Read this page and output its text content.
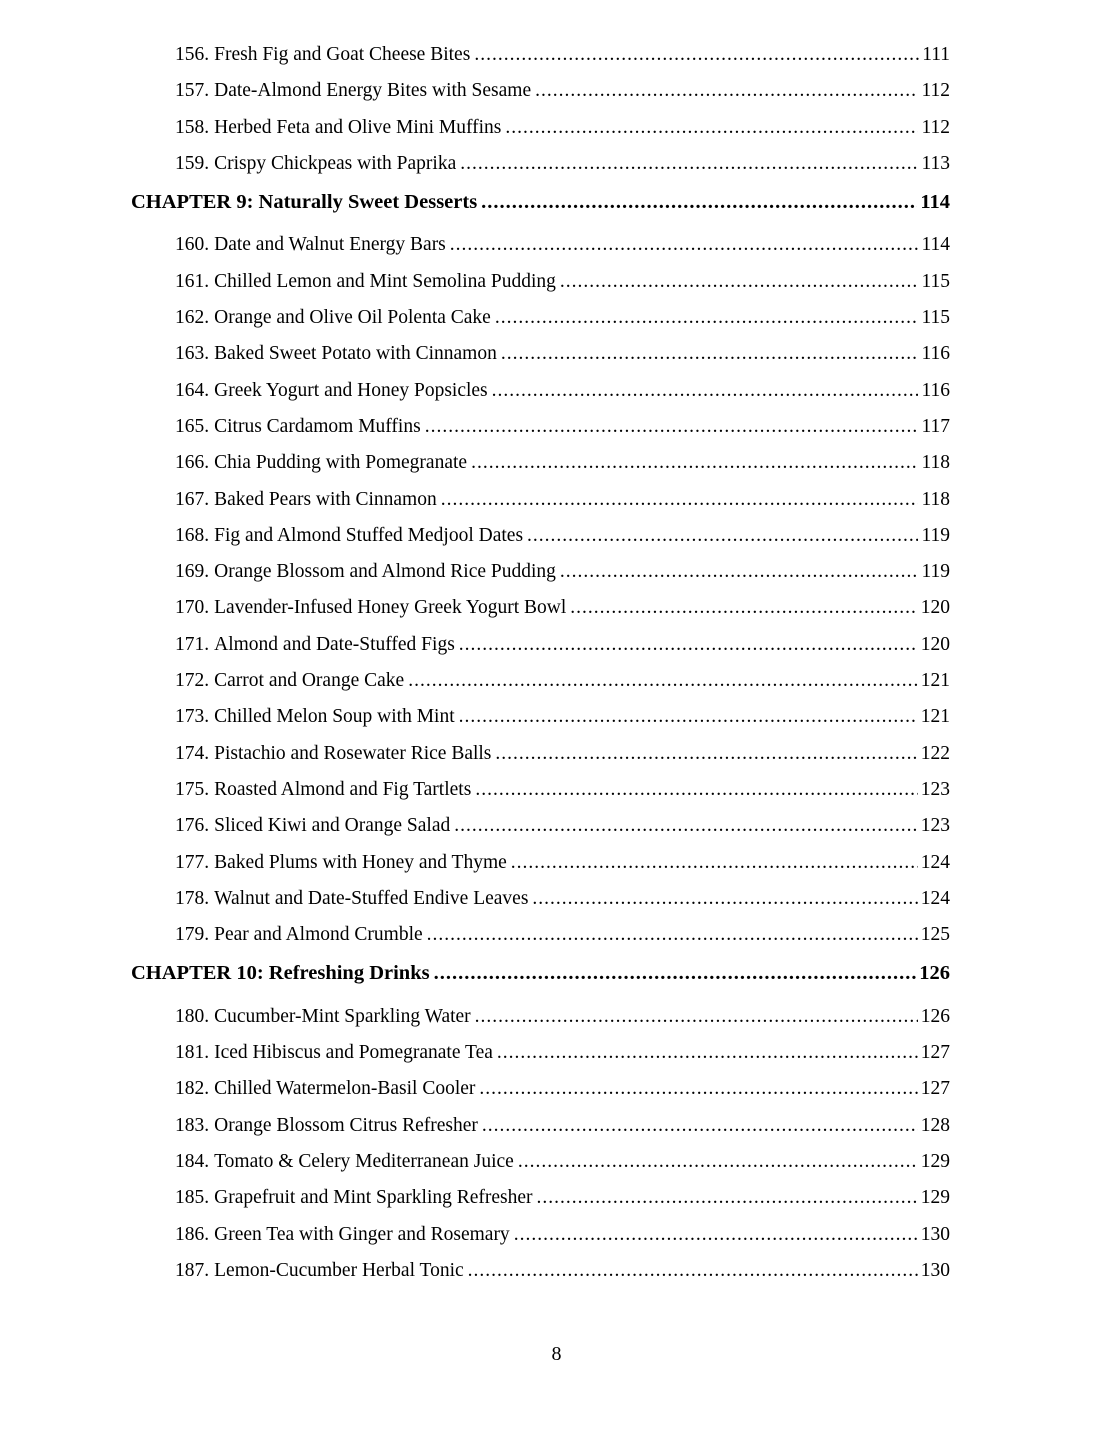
156. Fresh Fig and Goat Cheese Bites .....	111
157. Date-Almond Energy Bites with Sesame .....	112
158. Herbed Feta and Olive Mini Muffins .....	112
159. Crispy Chickpeas with Paprika .....	113
CHAPTER 9: Naturally Sweet Desserts .....	114
160. Date and Walnut Energy Bars .....	114
161. Chilled Lemon and Mint Semolina Pudding .....	115
162. Orange and Olive Oil Polenta Cake .....	115
163. Baked Sweet Potato with Cinnamon .....	116
164. Greek Yogurt and Honey Popsicles .....	116
165. Citrus Cardamom Muffins .....	117
166. Chia Pudding with Pomegranate .....	118
167. Baked Pears with Cinnamon .....	118
168. Fig and Almond Stuffed Medjool Dates .....	119
169. Orange Blossom and Almond Rice Pudding .....	119
170. Lavender-Infused Honey Greek Yogurt Bowl .....	120
171. Almond and Date-Stuffed Figs .....	120
172. Carrot and Orange Cake .....	121
173. Chilled Melon Soup with Mint .....	121
174. Pistachio and Rosewater Rice Balls .....	122
175. Roasted Almond and Fig Tartlets .....	123
176. Sliced Kiwi and Orange Salad .....	123
177. Baked Plums with Honey and Thyme .....	124
178. Walnut and Date-Stuffed Endive Leaves .....	124
179. Pear and Almond Crumble .....	125
CHAPTER 10: Refreshing Drinks .....	126
180. Cucumber-Mint Sparkling Water .....	126
181. Iced Hibiscus and Pomegranate Tea .....	127
182. Chilled Watermelon-Basil Cooler .....	127
183. Orange Blossom Citrus Refresher .....	128
184. Tomato & Celery Mediterranean Juice .....	129
185. Grapefruit and Mint Sparkling Refresher .....	129
186. Green Tea with Ginger and Rosemary .....	130
187. Lemon-Cucumber Herbal Tonic .....	130
8
